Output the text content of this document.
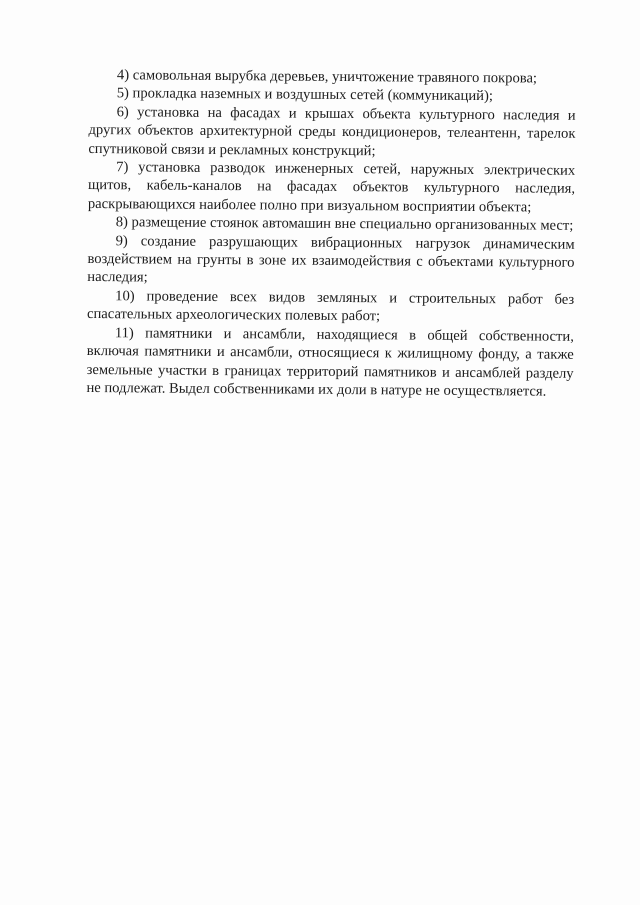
4) самовольная вырубка деревьев, уничтожение травяного покрова;

5) прокладка наземных и воздушных сетей (коммуникаций);

6) установка на фасадах и крышах объекта культурного наследия и других объектов архитектурной среды кондиционеров, телеантенн, тарелок спутниковой связи и рекламных конструкций;

7) установка разводок инженерных сетей, наружных электрических щитов, кабель-каналов на фасадах объектов культурного наследия, раскрывающихся наиболее полно при визуальном восприятии объекта;

8) размещение стоянок автомашин вне специально организованных мест;

9) создание разрушающих вибрационных нагрузок динамическим воздействием на грунты в зоне их взаимодействия с объектами культурного наследия;

10) проведение всех видов земляных и строительных работ без спасательных археологических полевых работ;

11) памятники и ансамбли, находящиеся в общей собственности, включая памятники и ансамбли, относящиеся к жилищному фонду, а также земельные участки в границах территорий памятников и ансамблей разделу не подлежат. Выдел собственниками их доли в натуре не осуществляется.
